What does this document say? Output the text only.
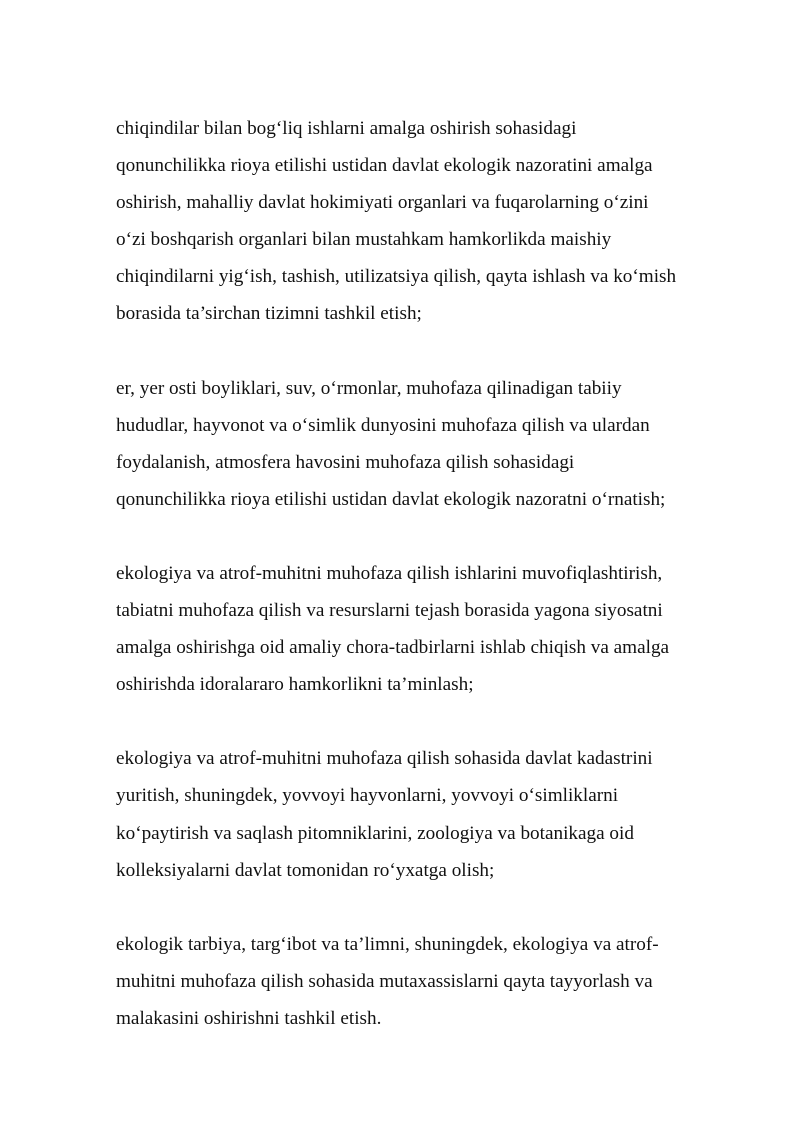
chiqindilar bilan bog‘liq ishlarni amalga oshirish sohasidagi
qonunchilikka rioya etilishi ustidan davlat ekologik nazoratini amalga
oshirish, mahalliy davlat hokimiyati organlari va fuqarolarning o‘zini
o‘zi boshqarish organlari bilan mustahkam hamkorlikda maishiy
chiqindilarni yig‘ish, tashish, utilizatsiya qilish, qayta ishlash va ko‘mish
borasida ta’sirchan tizimni tashkil etish;

er, yer osti boyliklari, suv, o‘rmonlar, muhofaza qilinadigan tabiiy
hududlar, hayvonot va o‘simlik dunyosini muhofaza qilish va ulardan
foydalanish, atmosfera havosini muhofaza qilish sohasidagi
qonunchilikka rioya etilishi ustidan davlat ekologik nazoratni o‘rnatish;

ekologiya va atrof-muhitni muhofaza qilish ishlarini muvofiqlashtirish,
tabiatni muhofaza qilish va resurslarni tejash borasida yagona siyosatni
amalga oshirishga oid amaliy chora-tadbirlarni ishlab chiqish va amalga
oshirishda idoralararo hamkorlikni ta’minlash;

ekologiya va atrof-muhitni muhofaza qilish sohasida davlat kadastrini
yuritish, shuningdek, yovvoyi hayvonlarni, yovvoyi o‘simliklarni
ko‘paytirish va saqlash pitomniklarini, zoologiya va botanikaga oid
kolleksiyalarni davlat tomonidan ro‘yxatga olish;

ekologik tarbiya, targ‘ibot va ta’limni, shuningdek, ekologiya va atrof-
muhitni muhofaza qilish sohasida mutaxassislarni qayta tayyorlash va
malakasini oshirishni tashkil etish.
